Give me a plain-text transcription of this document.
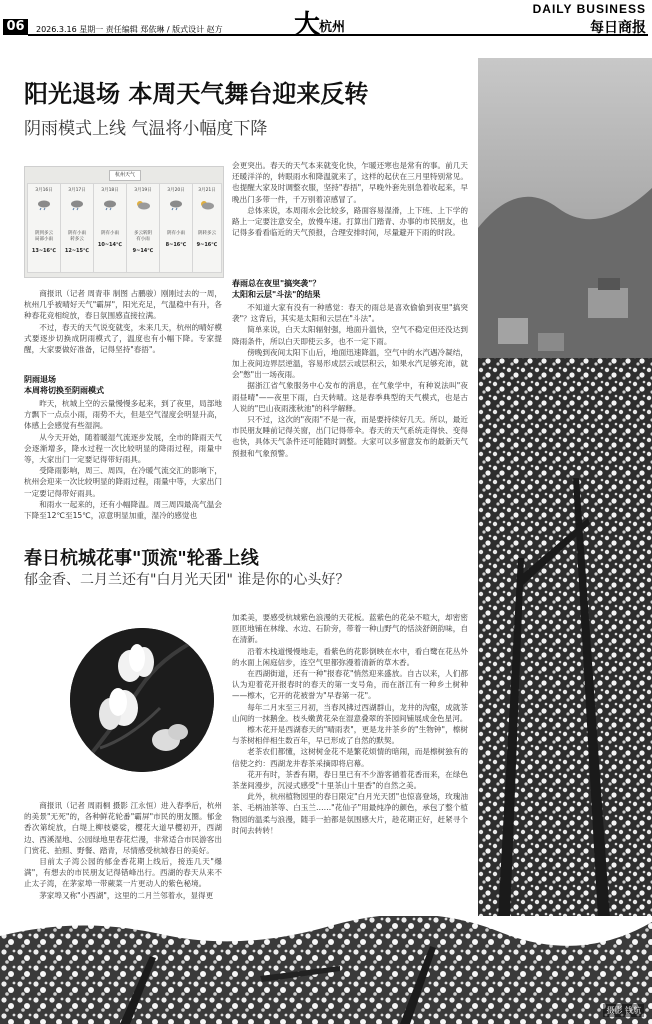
06	2026.3.16 星期一 责任编辑 郑依琳 / 版式设计 赵方	大
杭州
DAILY BUSINESS
每日商报
阳光退场 本周天气舞台迎来反转
阴雨模式上线 气温将小幅度下降
杭州天气
3月16日
阴到多云
局部小雨
13~16℃
3月17日
阴有小雨
转多云
12~15℃
3月18日
阴有小雨
10~14℃
3月19日
多云转阴
有小雨
9~14℃
3月20日
阴有小雨
8~16℃
3月21日
阴转多云
9~16℃

商报讯（记者 周青菲 制图 占鹏骏）刚刚过去的一周，杭州几乎被晴好天气"霸屏"，阳光充足，气温稳中有升，各种春花竞相绽放，春日氛围感直接拉满。

不过，春天的天气说变就变，未来几天，杭州的晴好模式要逐步切换成阴雨模式了，温度也有小幅下降。专家提醒，大家要做好准备，记得坚持"春捂"。

阴雨退场
本周将切换至阴雨模式

昨天，杭城上空的云量慢慢多起来，到了夜里，局部地方飘下一点点小雨，雨势不大，但是空气湿度会明显升高，体感上会感觉有些湿润。

从今天开始，随着暖湿气流逐步发展，全市的降雨天气会逐渐增多，降水过程一次比较明显的降雨过程，雨量中等，大家出门一定要记得带好雨具。

受降雨影响，周三、周四，在冷暖气流交汇的影响下，杭州会迎来一次比较明显的降雨过程，雨量中等，大家出门一定要记得带好雨具。

和雨水一起来的，还有小幅降温。周三周四最高气温会下降至12℃至15℃，凉意明显加重，湿冷的感觉也

会更突出。春天的天气本来就变化快，乍暖还寒也是常有的事。前几天还暖洋洋的，转眼雨水和降温就来了，这样的起伏在三月里特别常见。也提醒大家及时调整衣服，坚持"春捂"，早晚外套先别急着收起来，早晚出门多带一件，千万别着凉感冒了。

总体来说，本周雨水会比较多，路面容易湿滑，上下班、上下学的路上一定要注意安全，放慢车速。打算出门踏青、办事的市民朋友，也记得多看看临近的天气预报，合理安排时间，尽量避开下雨的时段。

春雨总在夜里"搞突袭"？
太阳和云层"斗法"的结果

不知道大家有没有一种感觉：春天的雨总是喜欢偷偷到夜里"搞突袭"？这背后，其实是太阳和云层在"斗法"。

简单来说，白天太阳辐射强，地面升温快，空气不稳定但还没达到降雨条件，所以白天即使云多，也不一定下雨。

傍晚到夜间太阳下山后，地面迅速降温，空气中的水汽遇冷凝结，加上夜间边界层逆温，容易形成层云或层积云，如果水汽足够充沛，就会"憋"出一场夜雨。

据浙江省气象服务中心发布的消息，在气象学中，有种说法叫"夜雨昼晴"——夜里下雨，白天转晴。这是春季典型的天气模式，也是古人说的"巴山夜雨涨秋池"的科学解释。

只不过，这次的"夜雨"不是一夜，而是要持续好几天。所以，最近市民朋友睡前记得关窗，出门记得带伞。春天的天气系统走得快、变得也快，具体天气条件还可能随时调整。大家可以多留意发布的最新天气预报和气象预警。

春日杭城花事"顶流"轮番上线
郁金香、二月兰还有"白月光天团" 谁是你的心头好？

商报讯（记者 周雨桐 摄影 江永恒）进入春季后，杭州的美景"无死"的，各种鲜花轮番"霸屏"市民的朋友圈。郁金香次第绽放，白堤上柳枝婆娑，樱花大道早樱初开，西湖边、西溪湿地、公园绿地里春花烂漫，非常适合市民游客出门赏花、拍照、野餐、踏青，尽情感受杭城春日的美好。

目前太子湾公园的郁金香花期上线后，接连几天"爆满"，有想去的市民朋友记得错峰出行。西湖的春天从来不止太子湾，在茅家埠一带蕨菜一片更动人的紫色秘境。

茅家埠又称"小西湖"，这里的二月兰邻着水，显得更

加柔美，要感受杭城紫色浪漫的天花板。蓝紫色的花朵不喧大，却密密匝匝地铺在林缘、水边、石阶旁，带着一种山野气的恬淡舒朗韵味，自在清新。

沿着木栈道慢慢地走，看紫色的花影倒映在水中，看白鹭在花丛外的水面上闲庭信步，连空气里都弥漫着清新的草木香。

在西湖街道，还有一种"报春花"悄然迎来盛放。自古以来，人们都认为迎着花开报春时的春天的第一支号角，而在浙江有一种乡土树种——檫木，它开的花被誉为"早春第一花"。

每年二月末至三月初，当春风拂过西湖群山，龙井的沟壑，成就茶山间的一抹鹅金。枝头嫩黄花朵在湿意叠翠的茶园间铺展成金色星河。

檫木花开是西湖春天的"晴雨表"，更是龙井茶乡的"生物钟"，檫树与茶树相伴相生数百年，早已形成了自然的默契。

老茶农们都懂，这树树金花不是繁花烦情的暗闹，而是檫树独有的信使之约：西湖龙井春茶采摘即将启幕。

花开有时，茶香有期，春日里已有不少游客循着花香而来，在绿色茶垄间漫步，沉浸式感受"十里茶山十里香"的自然之美。

此外，杭州植物园里的春日限定"白月光天团"也惊喜登场，玫瑰油茶、毛柄油茶等、白玉兰……"花仙子"用最纯净的颜色，承包了整个植物园的温柔与浪漫，随手一拍都是氛围感大片，趁花期正好，赶紧寻个时间去转转！

摄影 钱航
